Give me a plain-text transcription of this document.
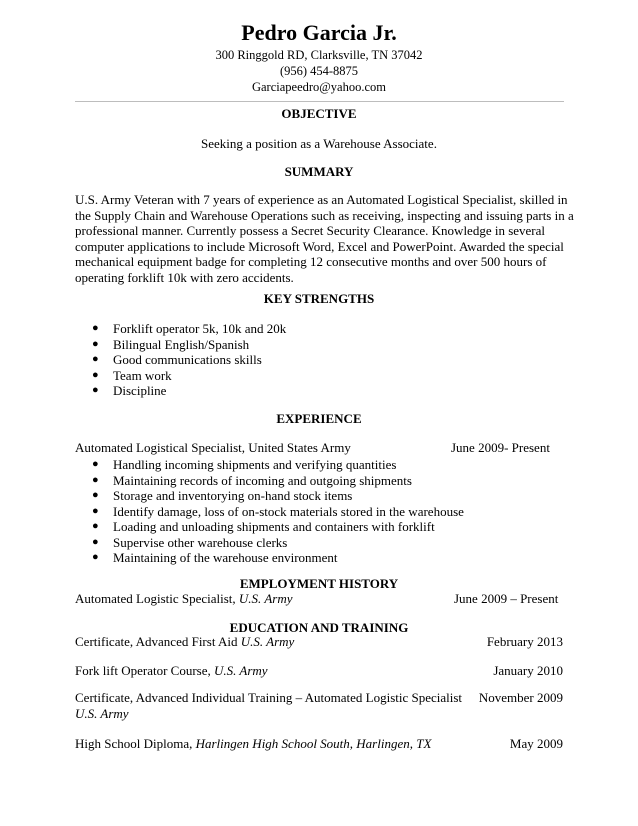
Pedro Garcia Jr.
300 Ringgold RD, Clarksville, TN 37042
(956) 454-8875
Garciapeedro@yahoo.com
OBJECTIVE
Seeking a position as a Warehouse Associate.
SUMMARY
U.S. Army Veteran with 7 years of experience as an Automated Logistical Specialist, skilled in
the Supply Chain and Warehouse Operations such as receiving, inspecting and issuing parts in a
professional manner. Currently possess a Secret Security Clearance. Knowledge in several
computer applications to include Microsoft Word, Excel and PowerPoint. Awarded the special
mechanical equipment badge for completing 12 consecutive months and over 500 hours of
operating forklift 10k with zero accidents.
KEY STRENGTHS
● Forklift operator 5k, 10k and 20k
● Bilingual English/Spanish
● Good communications skills
● Team work
● Discipline
EXPERIENCE
Automated Logistical Specialist, United States Army	June 2009- Present
● Handling incoming shipments and verifying quantities
● Maintaining records of incoming and outgoing shipments
● Storage and inventorying on-hand stock items
● Identify damage, loss of on-stock materials stored in the warehouse
● Loading and unloading shipments and containers with forklift
● Supervise other warehouse clerks
● Maintaining of the warehouse environment
EMPLOYMENT HISTORY
Automated Logistic Specialist, U.S. Army	June 2009 – Present
EDUCATION AND TRAINING
Certificate, Advanced First Aid U.S. Army	February 2013
Fork lift Operator Course, U.S. Army	January 2010
Certificate, Advanced Individual Training – Automated Logistic Specialist November 2009
U.S. Army
High School Diploma, Harlingen High School South, Harlingen, TX	May 2009
